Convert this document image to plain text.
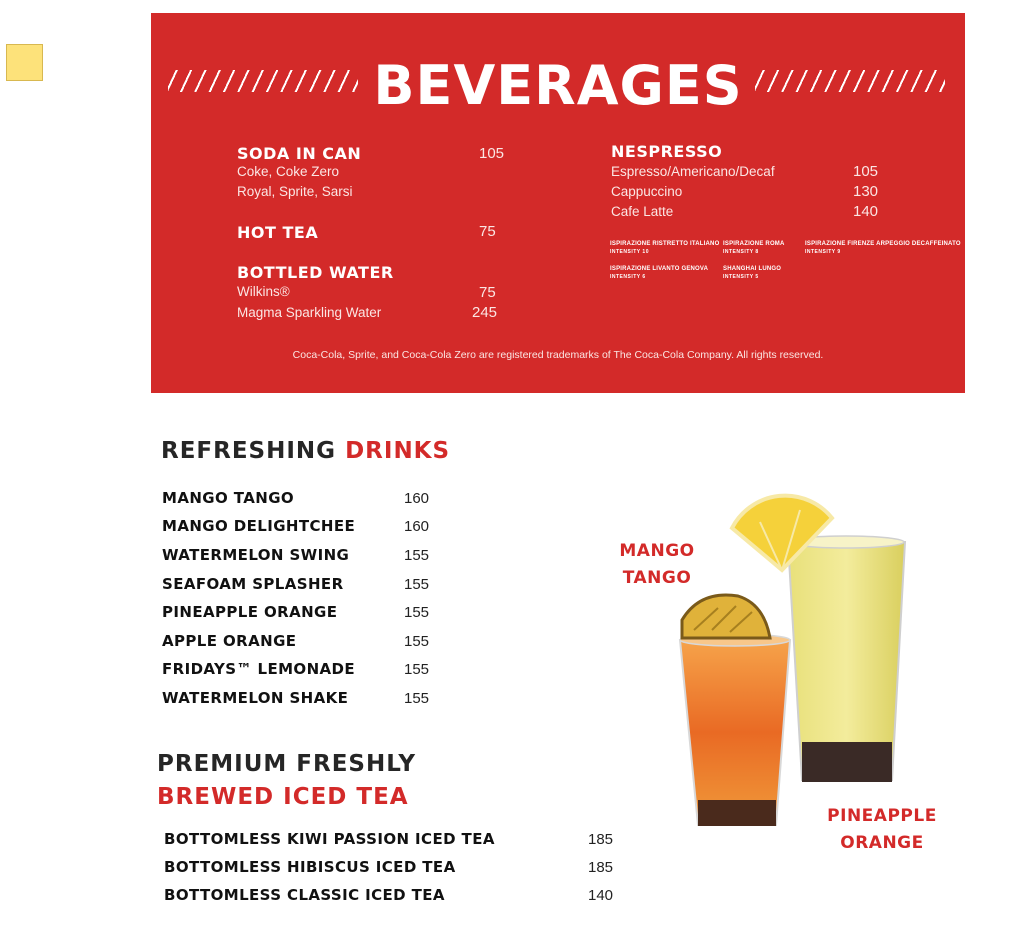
BEVERAGES
SODA IN CAN	105
Coke, Coke Zero
Royal, Sprite, Sarsi
HOT TEA	75
BOTTLED WATER
Wilkins®	75
Magma Sparkling Water	245
NESPRESSO
Espresso/Americano/Decaf	105
Cappuccino	130
Cafe Latte	140
ISPIRAZIONE RISTRETTO ITALIANO
INTENSITY 10
ISPIRAZIONE ROMA
INTENSITY 8
ISPIRAZIONE FIRENZE ARPEGGIO DECAFFEINATO
INTENSITY 9
ISPIRAZIONE LIVANTO GENOVA
INTENSITY 6
SHANGHAI LUNGO
INTENSITY 5
Coca-Cola, Sprite, and Coca-Cola Zero are registered trademarks of The Coca-Cola Company. All rights reserved.
REFRESHING DRINKS
MANGO TANGO	160
MANGO DELIGHTCHEE	160
WATERMELON SWING	155
SEAFOAM SPLASHER	155
PINEAPPLE ORANGE	155
APPLE ORANGE	155
FRIDAYS™ LEMONADE	155
WATERMELON SHAKE	155
PREMIUM FRESHLY
BREWED ICED TEA
BOTTOMLESS KIWI PASSION ICED TEA	185
BOTTOMLESS HIBISCUS ICED TEA	185
BOTTOMLESS CLASSIC ICED TEA	140
MANGO
TANGO
PINEAPPLE
ORANGE
